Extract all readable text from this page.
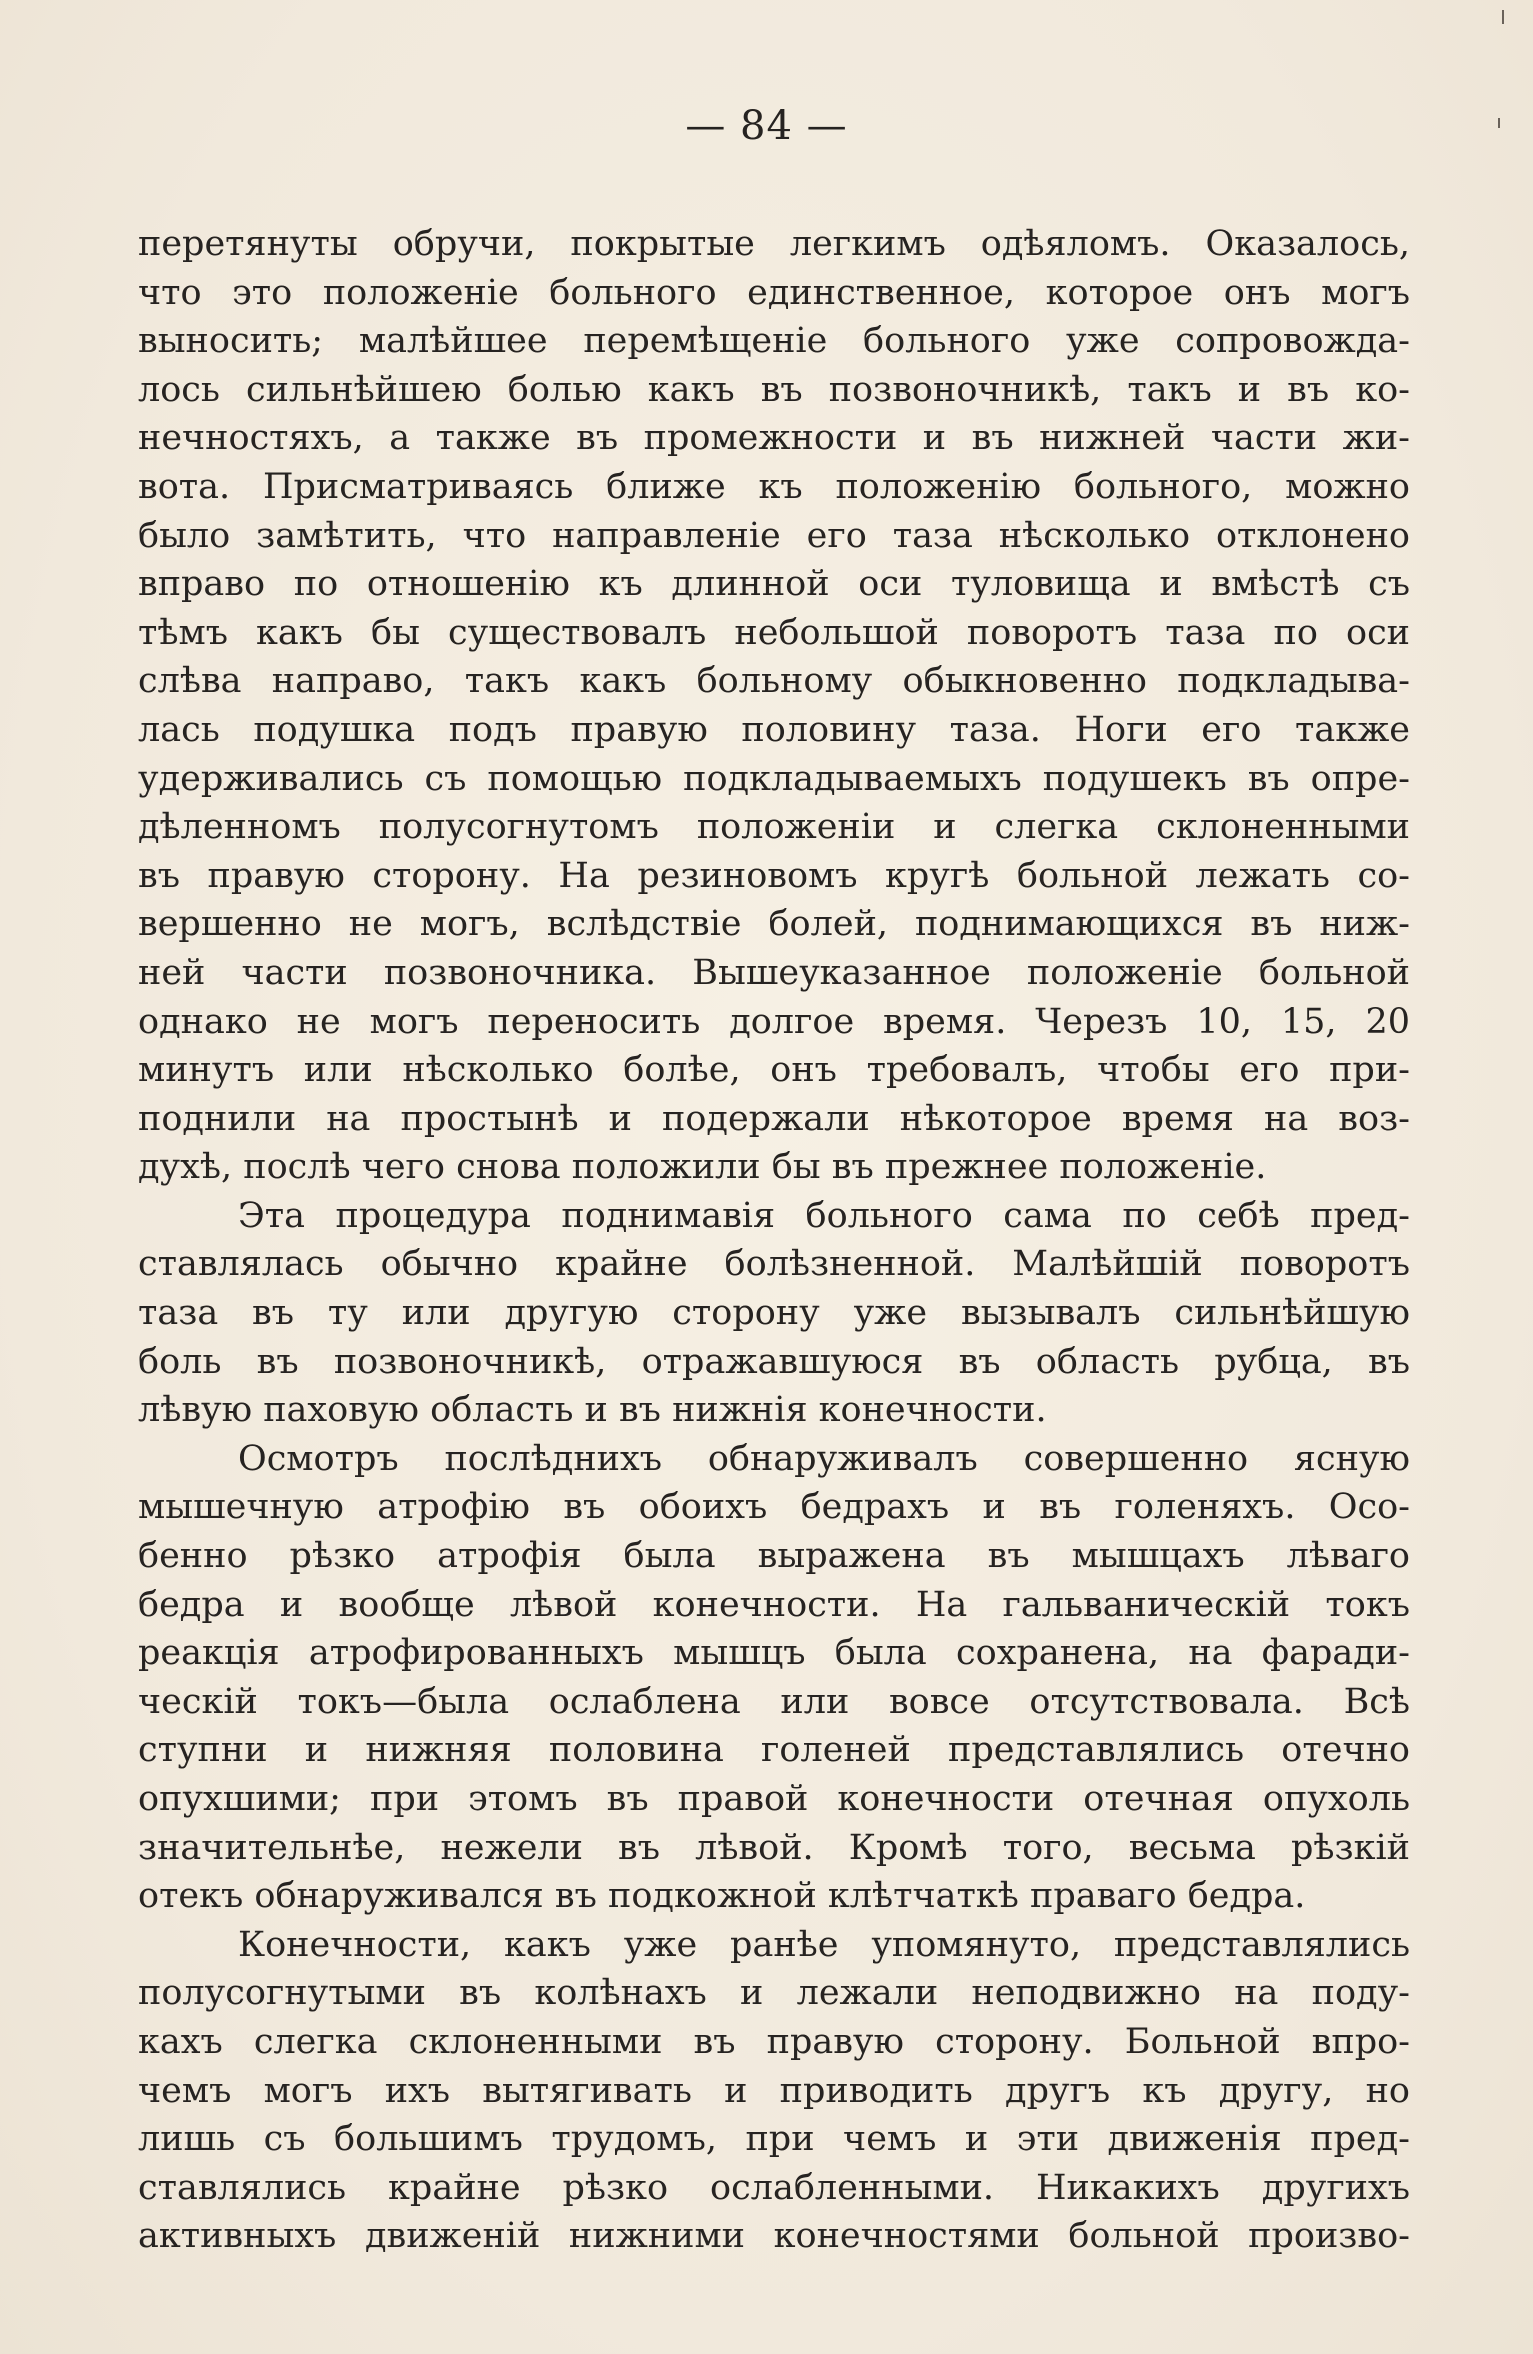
— 84 —
перетянуты обручи, покрытые легкимъ одѣяломъ. Оказалось,
что это положеніе больного единственное, которое онъ могъ
выносить; малѣйшее перемѣщеніе больного уже сопровожда-
лось сильнѣйшею болью какъ въ позвоночникѣ, такъ и въ ко-
нечностяхъ, а также въ промежности и въ нижней части жи-
вота. Присматриваясь ближе къ положенію больного, можно
было замѣтить, что направленіе его таза нѣсколько отклонено
вправо по отношенію къ длинной оси туловища и вмѣстѣ съ
тѣмъ какъ бы существовалъ небольшой поворотъ таза по оси
слѣва направо, такъ какъ больному обыкновенно подкладыва-
лась подушка подъ правую половину таза. Ноги его также
удерживались съ помощью подкладываемыхъ подушекъ въ опре-
дѣленномъ полусогнутомъ положеніи и слегка склоненными
въ правую сторону. На резиновомъ кругѣ больной лежать со-
вершенно не могъ, вслѣдствіе болей, поднимающихся въ ниж-
ней части позвоночника. Вышеуказанное положеніе больной
однако не могъ переносить долгое время. Черезъ 10, 15, 20
минутъ или нѣсколько болѣе, онъ требовалъ, чтобы его при-
поднили на простынѣ и подержали нѣкоторое время на воз-
духѣ, послѣ чего снова положили бы въ прежнее положеніе.
Эта процедура поднимавія больного сама по себѣ пред-
ставлялась обычно крайне болѣзненной. Малѣйшій поворотъ
таза въ ту или другую сторону уже вызывалъ сильнѣйшую
боль въ позвоночникѣ, отражавшуюся въ область рубца, въ
лѣвую паховую область и въ нижнія конечности.
Осмотръ послѣднихъ обнаруживалъ совершенно ясную
мышечную атрофію въ обоихъ бедрахъ и въ голеняхъ. Осо-
бенно рѣзко атрофія была выражена въ мышцахъ лѣваго
бедра и вообще лѣвой конечности. На гальваническій токъ
реакція атрофированныхъ мышцъ была сохранена, на фаради-
ческій токъ—была ослаблена или вовсе отсутствовала. Всѣ
ступни и нижняя половина голеней представлялись отечно
опухшими; при этомъ въ правой конечности отечная опухоль
значительнѣе, нежели въ лѣвой. Кромѣ того, весьма рѣзкій
отекъ обнаруживался въ подкожной клѣтчаткѣ праваго бедра.
Конечности, какъ уже ранѣе упомянуто, представлялись
полусогнутыми въ колѣнахъ и лежали неподвижно на поду-
кахъ слегка склоненными въ правую сторону. Больной впро-
чемъ могъ ихъ вытягивать и приводить другъ къ другу, но
лишь съ большимъ трудомъ, при чемъ и эти движенія пред-
ставлялись крайне рѣзко ослабленными. Никакихъ другихъ
активныхъ движеній нижними конечностями больной произво-
